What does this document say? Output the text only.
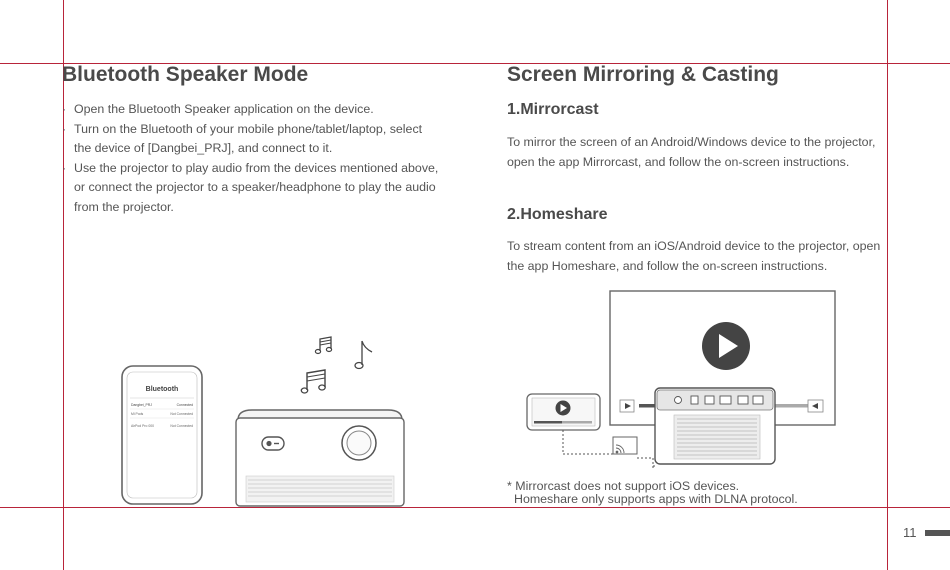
Bluetooth Speaker Mode
· Open the Bluetooth Speaker application on the device.
· Turn on the Bluetooth of your mobile phone/tablet/laptop, select the device of [Dangbei_PRJ], and connect to it.
· Use the projector to play audio from the devices mentioned above, or connect the projector to a speaker/headphone to play the audio from the projector.
Bluetooth
Dangbei_PRJ	Connected
Mi Pods	Not Connected
AirPod Pro 000	Not Connected
Screen Mirroring & Casting
1.Mirrorcast

To mirror the screen of an Android/Windows device to the projector, open the app Mirrorcast, and follow the on-screen instructions.

2.Homeshare

To stream content from an iOS/Android device to the projector, open the app Homeshare, and follow the on-screen instructions.

* Mirrorcast does not support iOS devices.
Homeshare only supports apps with DLNA protocol.

11
